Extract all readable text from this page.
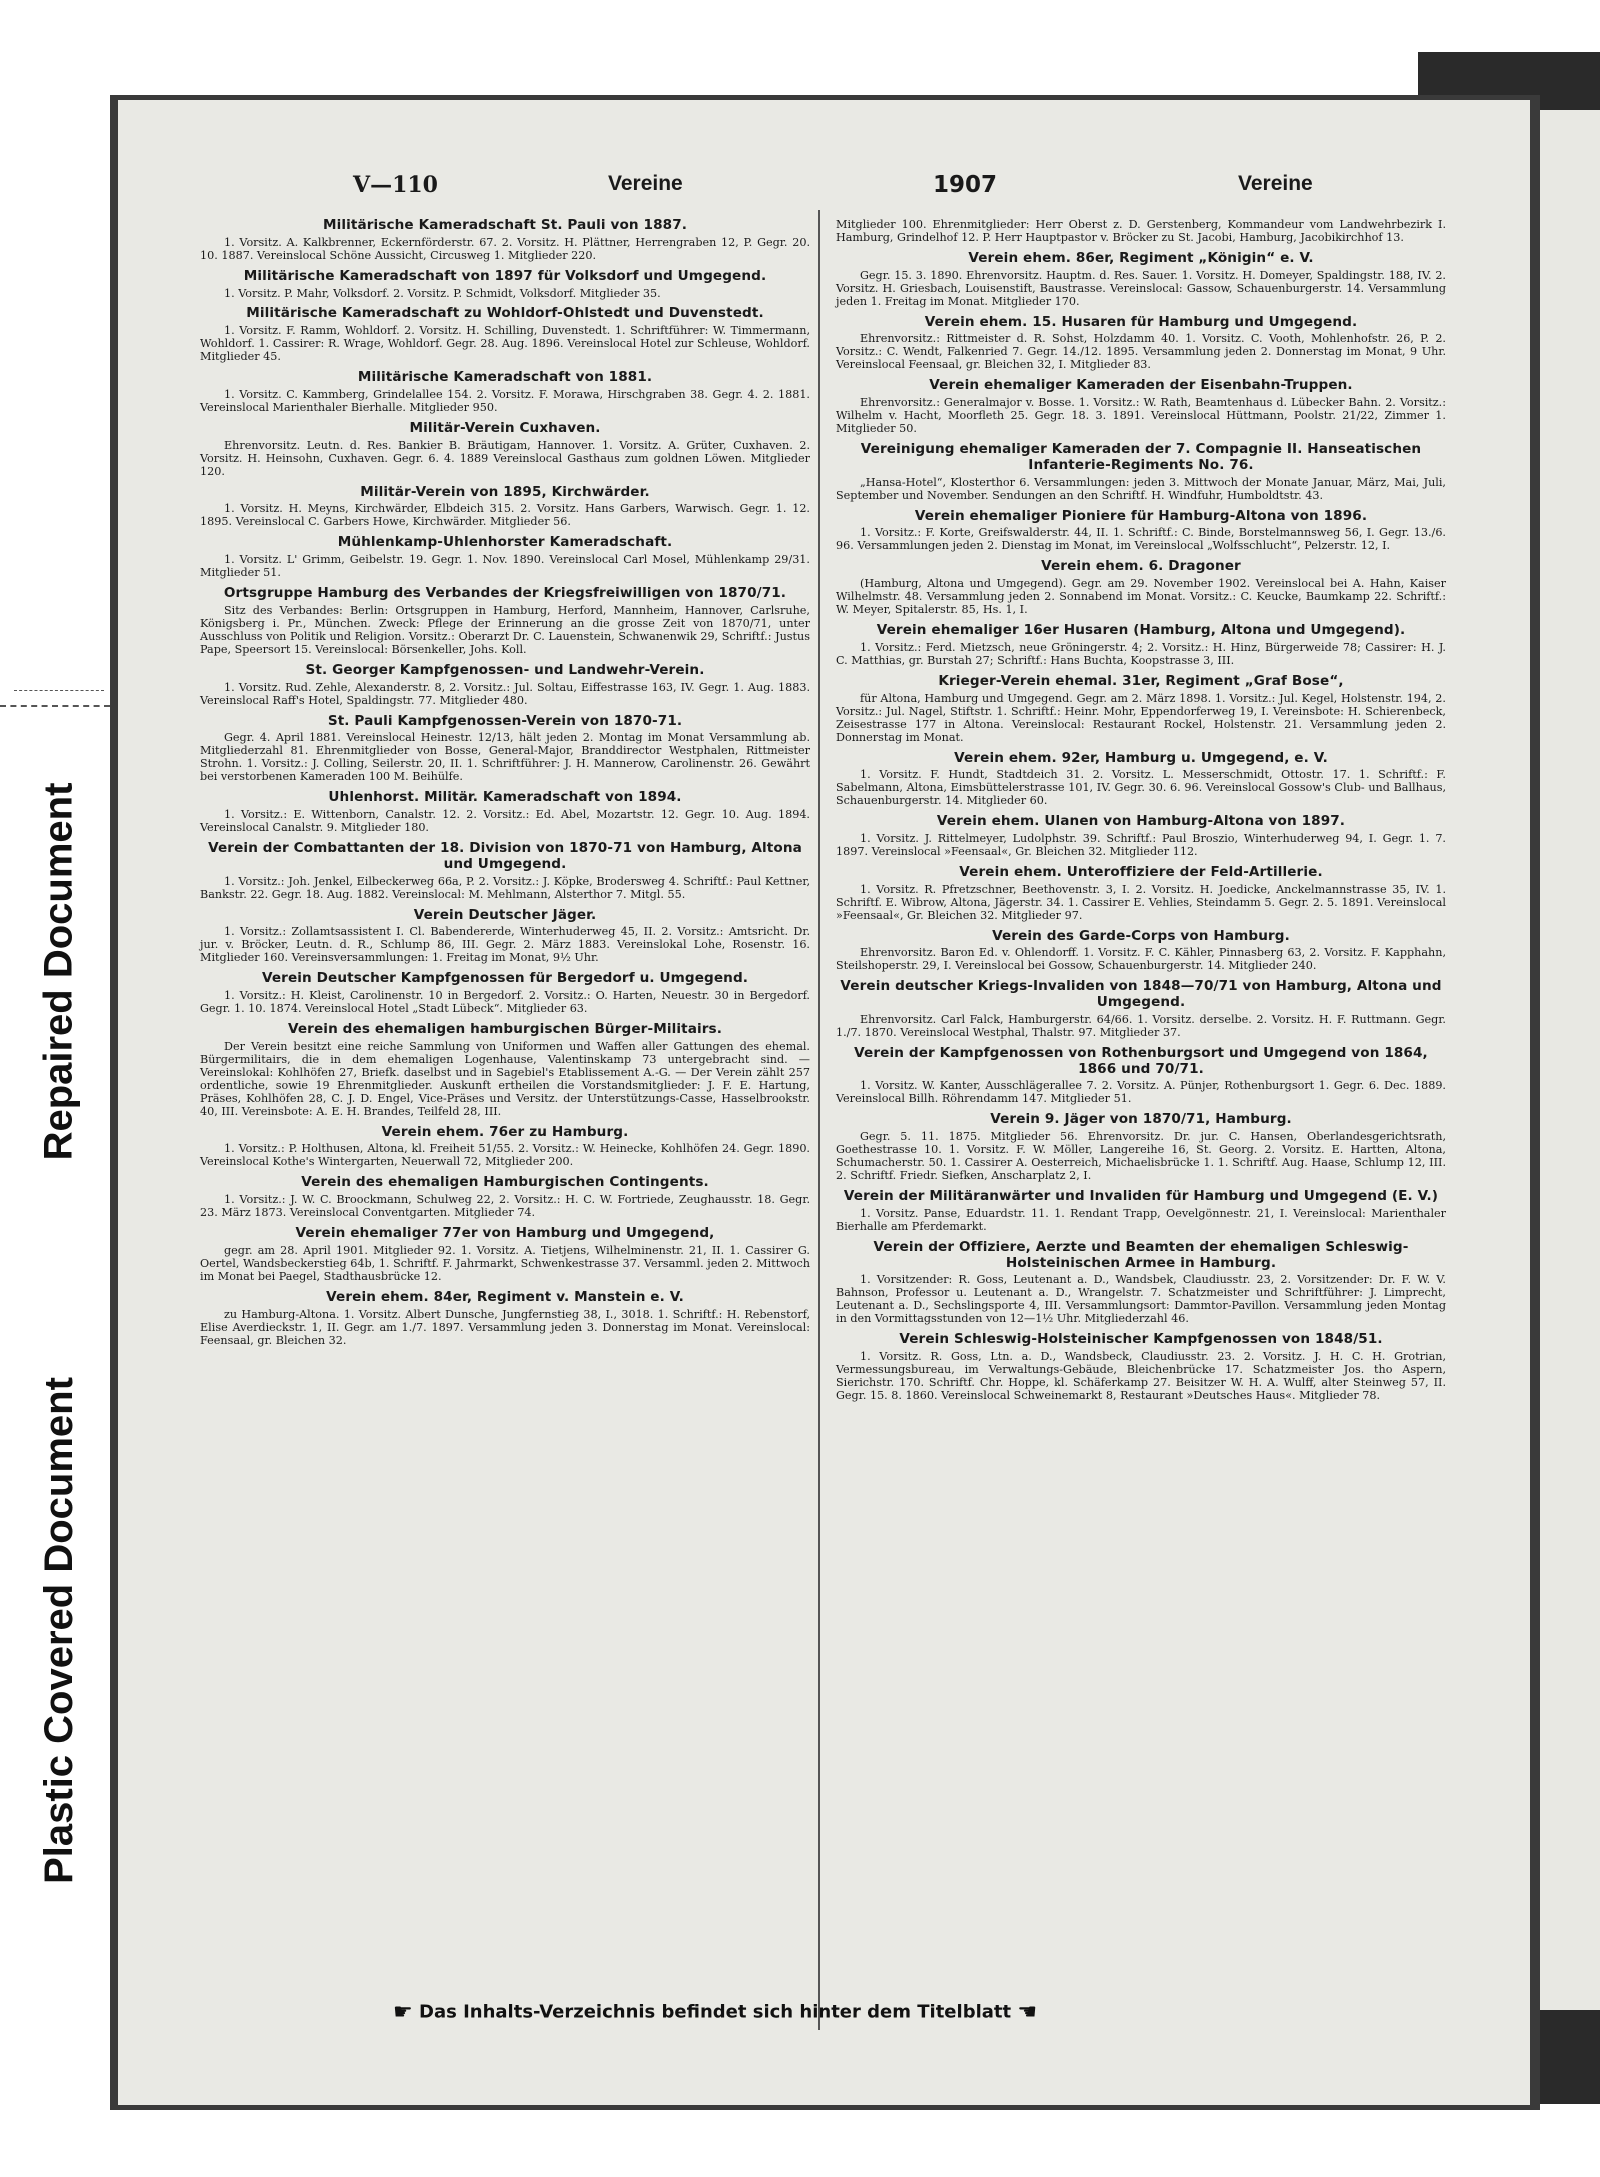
Repaired Document
Plastic Covered Document
V—110	Vereine	1907	Vereine
Militärische Kameradschaft St. Pauli von 1887.
1. Vorsitz. A. Kalkbrenner, Eckernförderstr. 67. 2. Vorsitz. H. Plättner, Herrengraben 12, P. Gegr. 20. 10. 1887. Vereinslocal Schöne Aussicht, Circusweg 1. Mitglieder 220.
Militärische Kameradschaft von 1897 für Volksdorf und Umgegend.
1. Vorsitz. P. Mahr, Volksdorf. 2. Vorsitz. P. Schmidt, Volksdorf. Mitglieder 35.
Militärische Kameradschaft zu Wohldorf-Ohlstedt und Duvenstedt.
1. Vorsitz. F. Ramm, Wohldorf. 2. Vorsitz. H. Schilling, Duvenstedt. 1. Schriftführer: W. Timmermann, Wohldorf. 1. Cassirer: R. Wrage, Wohldorf. Gegr. 28. Aug. 1896. Vereinslocal Hotel zur Schleuse, Wohldorf. Mitglieder 45.
Militärische Kameradschaft von 1881.
1. Vorsitz. C. Kammberg, Grindelallee 154. 2. Vorsitz. F. Morawa, Hirschgraben 38. Gegr. 4. 2. 1881. Vereinslocal Marienthaler Bierhalle. Mitglieder 950.
Militär-Verein Cuxhaven.
Ehrenvorsitz. Leutn. d. Res. Bankier B. Bräutigam, Hannover. 1. Vorsitz. A. Grüter, Cuxhaven. 2. Vorsitz. H. Heinsohn, Cuxhaven. Gegr. 6. 4. 1889 Vereinslocal Gasthaus zum goldnen Löwen. Mitglieder 120.
Militär-Verein von 1895, Kirchwärder.
1. Vorsitz. H. Meyns, Kirchwärder, Elbdeich 315. 2. Vorsitz. Hans Garbers, Warwisch. Gegr. 1. 12. 1895. Vereinslocal C. Garbers Howe, Kirchwärder. Mitglieder 56.
Mühlenkamp-Uhlenhorster Kameradschaft.
1. Vorsitz. L' Grimm, Geibelstr. 19. Gegr. 1. Nov. 1890. Vereinslocal Carl Mosel, Mühlenkamp 29/31. Mitglieder 51.
Ortsgruppe Hamburg des Verbandes der Kriegsfreiwilligen von 1870/71.
Sitz des Verbandes: Berlin: Ortsgruppen in Hamburg, Herford, Mannheim, Hannover, Carlsruhe, Königsberg i. Pr., München. Zweck: Pflege der Erinnerung an die grosse Zeit von 1870/71, unter Ausschluss von Politik und Religion. Vorsitz.: Oberarzt Dr. C. Lauenstein, Schwanenwik 29, Schriftf.: Justus Pape, Speersort 15. Vereinslocal: Börsenkeller, Johs. Koll.
St. Georger Kampfgenossen- und Landwehr-Verein.
1. Vorsitz. Rud. Zehle, Alexanderstr. 8, 2. Vorsitz.: Jul. Soltau, Eiffestrasse 163, IV. Gegr. 1. Aug. 1883. Vereinslocal Raff's Hotel, Spaldingstr. 77. Mitglieder 480.
St. Pauli Kampfgenossen-Verein von 1870-71.
Gegr. 4. April 1881. Vereinslocal Heinestr. 12/13, hält jeden 2. Montag im Monat Versammlung ab. Mitgliederzahl 81. Ehrenmitglieder von Bosse, General-Major, Branddirector Westphalen, Rittmeister Strohn. 1. Vorsitz.: J. Colling, Seilerstr. 20, II. 1. Schriftführer: J. H. Mannerow, Carolinenstr. 26. Gewährt bei verstorbenen Kameraden 100 M. Beihülfe.
Uhlenhorst. Militär. Kameradschaft von 1894.
1. Vorsitz.: E. Wittenborn, Canalstr. 12. 2. Vorsitz.: Ed. Abel, Mozartstr. 12. Gegr. 10. Aug. 1894. Vereinslocal Canalstr. 9. Mitglieder 180.
Verein der Combattanten der 18. Division von 1870-71 von Hamburg, Altona und Umgegend.
1. Vorsitz.: Joh. Jenkel, Eilbeckerweg 66a, P. 2. Vorsitz.: J. Köpke, Brodersweg 4. Schriftf.: Paul Kettner, Bankstr. 22. Gegr. 18. Aug. 1882. Vereinslocal: M. Mehlmann, Alsterthor 7. Mitgl. 55.
Verein Deutscher Jäger.
1. Vorsitz.: Zollamtsassistent I. Cl. Babendererde, Winterhuderweg 45, II. 2. Vorsitz.: Amtsricht. Dr. jur. v. Bröcker, Leutn. d. R., Schlump 86, III. Gegr. 2. März 1883. Vereinslokal Lohe, Rosenstr. 16. Mitglieder 160. Vereinsversammlungen: 1. Freitag im Monat, 9½ Uhr.
Verein Deutscher Kampfgenossen für Bergedorf u. Umgegend.
1. Vorsitz.: H. Kleist, Carolinenstr. 10 in Bergedorf. 2. Vorsitz.: O. Harten, Neuestr. 30 in Bergedorf. Gegr. 1. 10. 1874. Vereinslocal Hotel „Stadt Lübeck“. Mitglieder 63.
Verein des ehemaligen hamburgischen Bürger-Militairs.
Der Verein besitzt eine reiche Sammlung von Uniformen und Waffen aller Gattungen des ehemal. Bürgermilitairs, die in dem ehemaligen Logenhause, Valentinskamp 73 untergebracht sind. — Vereinslokal: Kohlhöfen 27, Briefk. daselbst und in Sagebiel's Etablissement A.-G. — Der Verein zählt 257 ordentliche, sowie 19 Ehrenmitglieder. Auskunft ertheilen die Vorstandsmitglieder: J. F. E. Hartung, Präses, Kohlhöfen 28, C. J. D. Engel, Vice-Präses und Versitz. der Unterstützungs-Casse, Hasselbrookstr. 40, III. Vereinsbote: A. E. H. Brandes, Teilfeld 28, III.
Verein ehem. 76er zu Hamburg.
1. Vorsitz.: P. Holthusen, Altona, kl. Freiheit 51/55. 2. Vorsitz.: W. Heinecke, Kohlhöfen 24. Gegr. 1890. Vereinslocal Kothe's Wintergarten, Neuerwall 72, Mitglieder 200.
Verein des ehemaligen Hamburgischen Contingents.
1. Vorsitz.: J. W. C. Broockmann, Schulweg 22, 2. Vorsitz.: H. C. W. Fortriede, Zeughausstr. 18. Gegr. 23. März 1873. Vereinslocal Conventgarten. Mitglieder 74.
Verein ehemaliger 77er von Hamburg und Umgegend,
gegr. am 28. April 1901. Mitglieder 92. 1. Vorsitz. A. Tietjens, Wilhelminenstr. 21, II. 1. Cassirer G. Oertel, Wandsbeckerstieg 64b, 1. Schriftf. F. Jahrmarkt, Schwenkestrasse 37. Versamml. jeden 2. Mittwoch im Monat bei Paegel, Stadthausbrücke 12.
Verein ehem. 84er, Regiment v. Manstein e. V.
zu Hamburg-Altona. 1. Vorsitz. Albert Dunsche, Jungfernstieg 38, I., 3018. 1. Schriftf.: H. Rebenstorf, Elise Averdieckstr. 1, II. Gegr. am 1./7. 1897. Versammlung jeden 3. Donnerstag im Monat. Vereinslocal: Feensaal, gr. Bleichen 32.
Mitglieder 100. Ehrenmitglieder: Herr Oberst z. D. Gerstenberg, Kommandeur vom Landwehrbezirk I. Hamburg, Grindelhof 12. P. Herr Hauptpastor v. Bröcker zu St. Jacobi, Hamburg, Jacobikirchhof 13.
Verein ehem. 86er, Regiment „Königin“ e. V.
Gegr. 15. 3. 1890. Ehrenvorsitz. Hauptm. d. Res. Sauer. 1. Vorsitz. H. Domeyer, Spaldingstr. 188, IV. 2. Vorsitz. H. Griesbach, Louisenstift, Baustrasse. Vereinslocal: Gassow, Schauenburgerstr. 14. Versammlung jeden 1. Freitag im Monat. Mitglieder 170.
Verein ehem. 15. Husaren für Hamburg und Umgegend.
Ehrenvorsitz.: Rittmeister d. R. Sohst, Holzdamm 40. 1. Vorsitz. C. Vooth, Mohlenhofstr. 26, P. 2. Vorsitz.: C. Wendt, Falkenried 7. Gegr. 14./12. 1895. Versammlung jeden 2. Donnerstag im Monat, 9 Uhr. Vereinslocal Feensaal, gr. Bleichen 32, I. Mitglieder 83.
Verein ehemaliger Kameraden der Eisenbahn-Truppen.
Ehrenvorsitz.: Generalmajor v. Bosse. 1. Vorsitz.: W. Rath, Beamtenhaus d. Lübecker Bahn. 2. Vorsitz.: Wilhelm v. Hacht, Moorfleth 25. Gegr. 18. 3. 1891. Vereinslocal Hüttmann, Poolstr. 21/22, Zimmer 1. Mitglieder 50.
Vereinigung ehemaliger Kameraden der 7. Compagnie II. Hanseatischen Infanterie-Regiments No. 76.
„Hansa-Hotel“, Klosterthor 6. Versammlungen: jeden 3. Mittwoch der Monate Januar, März, Mai, Juli, September und November. Sendungen an den Schriftf. H. Windfuhr, Humboldtstr. 43.
Verein ehemaliger Pioniere für Hamburg-Altona von 1896.
1. Vorsitz.: F. Korte, Greifswalderstr. 44, II. 1. Schriftf.: C. Binde, Borstelmannsweg 56, I. Gegr. 13./6. 96. Versammlungen jeden 2. Dienstag im Monat, im Vereinslocal „Wolfsschlucht“, Pelzerstr. 12, I.
Verein ehem. 6. Dragoner
(Hamburg, Altona und Umgegend). Gegr. am 29. November 1902. Vereinslocal bei A. Hahn, Kaiser Wilhelmstr. 48. Versammlung jeden 2. Sonnabend im Monat. Vorsitz.: C. Keucke, Baumkamp 22. Schriftf.: W. Meyer, Spitalerstr. 85, Hs. 1, I.
Verein ehemaliger 16er Husaren (Hamburg, Altona und Umgegend).
1. Vorsitz.: Ferd. Mietzsch, neue Gröningerstr. 4; 2. Vorsitz.: H. Hinz, Bürgerweide 78; Cassirer: H. J. C. Matthias, gr. Burstah 27; Schriftf.: Hans Buchta, Koopstrasse 3, III.
Krieger-Verein ehemal. 31er, Regiment „Graf Bose“,
für Altona, Hamburg und Umgegend. Gegr. am 2. März 1898. 1. Vorsitz.: Jul. Kegel, Holstenstr. 194, 2. Vorsitz.: Jul. Nagel, Stiftstr. 1. Schriftf.: Heinr. Mohr, Eppendorferweg 19, I. Vereinsbote: H. Schierenbeck, Zeisestrasse 177 in Altona. Vereinslocal: Restaurant Rockel, Holstenstr. 21. Versammlung jeden 2. Donnerstag im Monat.
Verein ehem. 92er, Hamburg u. Umgegend, e. V.
1. Vorsitz. F. Hundt, Stadtdeich 31. 2. Vorsitz. L. Messerschmidt, Ottostr. 17. 1. Schriftf.: F. Sabelmann, Altona, Eimsbüttelerstrasse 101, IV. Gegr. 30. 6. 96. Vereinslocal Gossow's Club- und Ballhaus, Schauenburgerstr. 14. Mitglieder 60.
Verein ehem. Ulanen von Hamburg-Altona von 1897.
1. Vorsitz. J. Rittelmeyer, Ludolphstr. 39. Schriftf.: Paul Broszio, Winterhuderweg 94, I. Gegr. 1. 7. 1897. Vereinslocal »Feensaal«, Gr. Bleichen 32. Mitglieder 112.
Verein ehem. Unteroffiziere der Feld-Artillerie.
1. Vorsitz. R. Pfretzschner, Beethovenstr. 3, I. 2. Vorsitz. H. Joedicke, Anckelmannstrasse 35, IV. 1. Schriftf. E. Wibrow, Altona, Jägerstr. 34. 1. Cassirer E. Vehlies, Steindamm 5. Gegr. 2. 5. 1891. Vereinslocal »Feensaal«, Gr. Bleichen 32. Mitglieder 97.
Verein des Garde-Corps von Hamburg.
Ehrenvorsitz. Baron Ed. v. Ohlendorff. 1. Vorsitz. F. C. Kähler, Pinnasberg 63, 2. Vorsitz. F. Kapphahn, Steilshoperstr. 29, I. Vereinslocal bei Gossow, Schauenburgerstr. 14. Mitglieder 240.
Verein deutscher Kriegs-Invaliden von 1848—70/71 von Hamburg, Altona und Umgegend.
Ehrenvorsitz. Carl Falck, Hamburgerstr. 64/66. 1. Vorsitz. derselbe. 2. Vorsitz. H. F. Ruttmann. Gegr. 1./7. 1870. Vereinslocal Westphal, Thalstr. 97. Mitglieder 37.
Verein der Kampfgenossen von Rothenburgsort und Umgegend von 1864, 1866 und 70/71.
1. Vorsitz. W. Kanter, Ausschlägerallee 7. 2. Vorsitz. A. Pünjer, Rothenburgsort 1. Gegr. 6. Dec. 1889. Vereinslocal Billh. Röhrendamm 147. Mitglieder 51.
Verein 9. Jäger von 1870/71, Hamburg.
Gegr. 5. 11. 1875. Mitglieder 56. Ehrenvorsitz. Dr. jur. C. Hansen, Oberlandesgerichtsrath, Goethestrasse 10. 1. Vorsitz. F. W. Möller, Langereihe 16, St. Georg. 2. Vorsitz. E. Hartten, Altona, Schumacherstr. 50. 1. Cassirer A. Oesterreich, Michaelisbrücke 1. 1. Schriftf. Aug. Haase, Schlump 12, III. 2. Schriftf. Friedr. Siefken, Anscharplatz 2, I.
Verein der Militäranwärter und Invaliden für Hamburg und Umgegend (E. V.)
1. Vorsitz. Panse, Eduardstr. 11. 1. Rendant Trapp, Oevelgönnestr. 21, I. Vereinslocal: Marienthaler Bierhalle am Pferdemarkt.
Verein der Offiziere, Aerzte und Beamten der ehemaligen Schleswig-Holsteinischen Armee in Hamburg.
1. Vorsitzender: R. Goss, Leutenant a. D., Wandsbek, Claudiusstr. 23, 2. Vorsitzender: Dr. F. W. V. Bahnson, Professor u. Leutenant a. D., Wrangelstr. 7. Schatzmeister und Schriftführer: J. Limprecht, Leutenant a. D., Sechslingsporte 4, III. Versammlungsort: Dammtor-Pavillon. Versammlung jeden Montag in den Vormittagsstunden von 12—1½ Uhr. Mitgliederzahl 46.
Verein Schleswig-Holsteinischer Kampfgenossen von 1848/51.
1. Vorsitz. R. Goss, Ltn. a. D., Wandsbeck, Claudiusstr. 23. 2. Vorsitz. J. H. C. H. Grotrian, Vermessungsbureau, im Verwaltungs-Gebäude, Bleichenbrücke 17. Schatzmeister Jos. tho Aspern, Sierichstr. 170. Schriftf. Chr. Hoppe, kl. Schäferkamp 27. Beisitzer W. H. A. Wulff, alter Steinweg 57, II. Gegr. 15. 8. 1860. Vereinslocal Schweinemarkt 8, Restaurant »Deutsches Haus«. Mitglieder 78.
☛ Das Inhalts-Verzeichnis befindet sich hinter dem Titelblatt ☚
